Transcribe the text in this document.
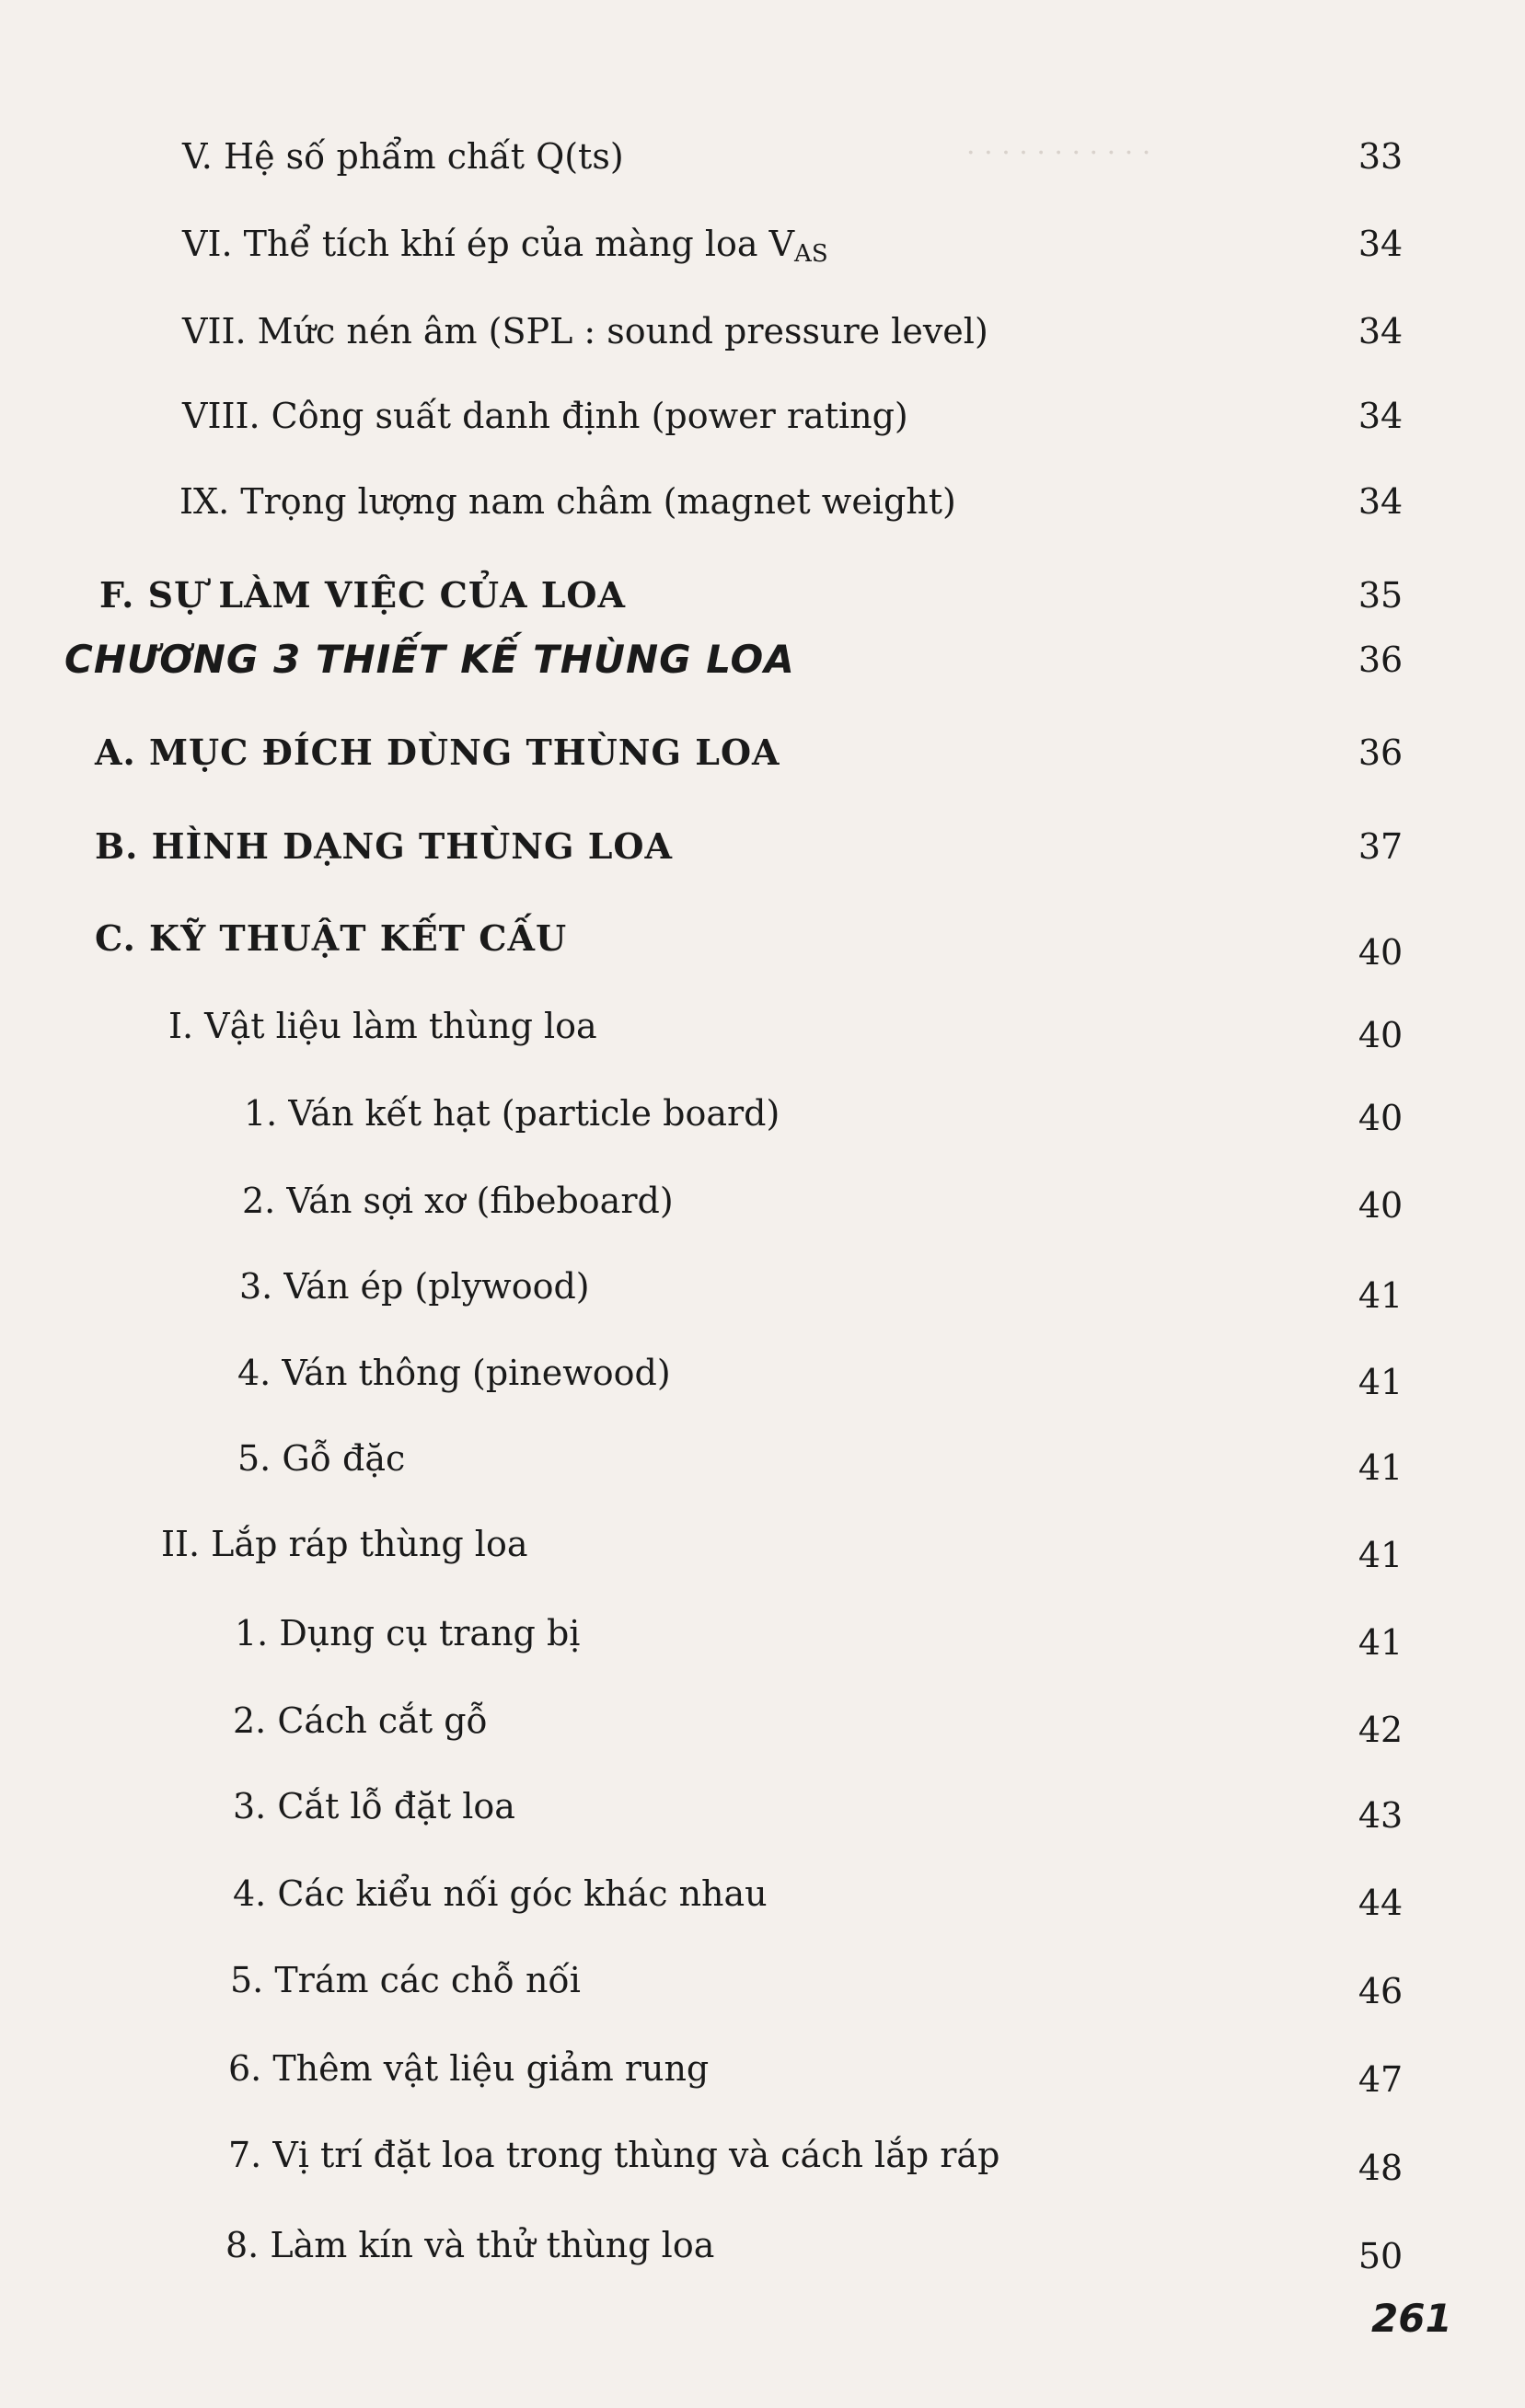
. . . . . . . . . . .
V. Hệ số phẩm chất Q(ts)	33
VI. Thể tích khí ép của màng loa $V_{AS}$	34
VII. Mức nén âm (SPL : sound pressure level)	34
VIII. Công suất danh định (power rating)	34
IX. Trọng lượng nam châm (magnet weight)	34
F. SỰ LÀM VIỆC CỦA LOA	35
CHƯƠNG 3 THIẾT KẾ THÙNG LOA	36
A. MỤC ĐÍCH DÙNG THÙNG LOA	36
B. HÌNH DẠNG THÙNG LOA	37
C. KỸ THUẬT KẾT CẤU	40
I. Vật liệu làm thùng loa	40
1. Ván kết hạt (particle board)	40
2. Ván sợi xơ (fibeboard)	40
3. Ván ép (plywood)	41
4. Ván thông (pinewood)	41
5. Gỗ đặc	41
II. Lắp ráp thùng loa	41
1. Dụng cụ trang bị	41
2. Cách cắt gỗ	42
3. Cắt lỗ đặt loa	43
4. Các kiểu nối góc khác nhau	44
5. Trám các chỗ nối	46
6. Thêm vật liệu giảm rung	47
7. Vị trí đặt loa trong thùng và cách lắp ráp	48
8. Làm kín và thử thùng loa	50
261
